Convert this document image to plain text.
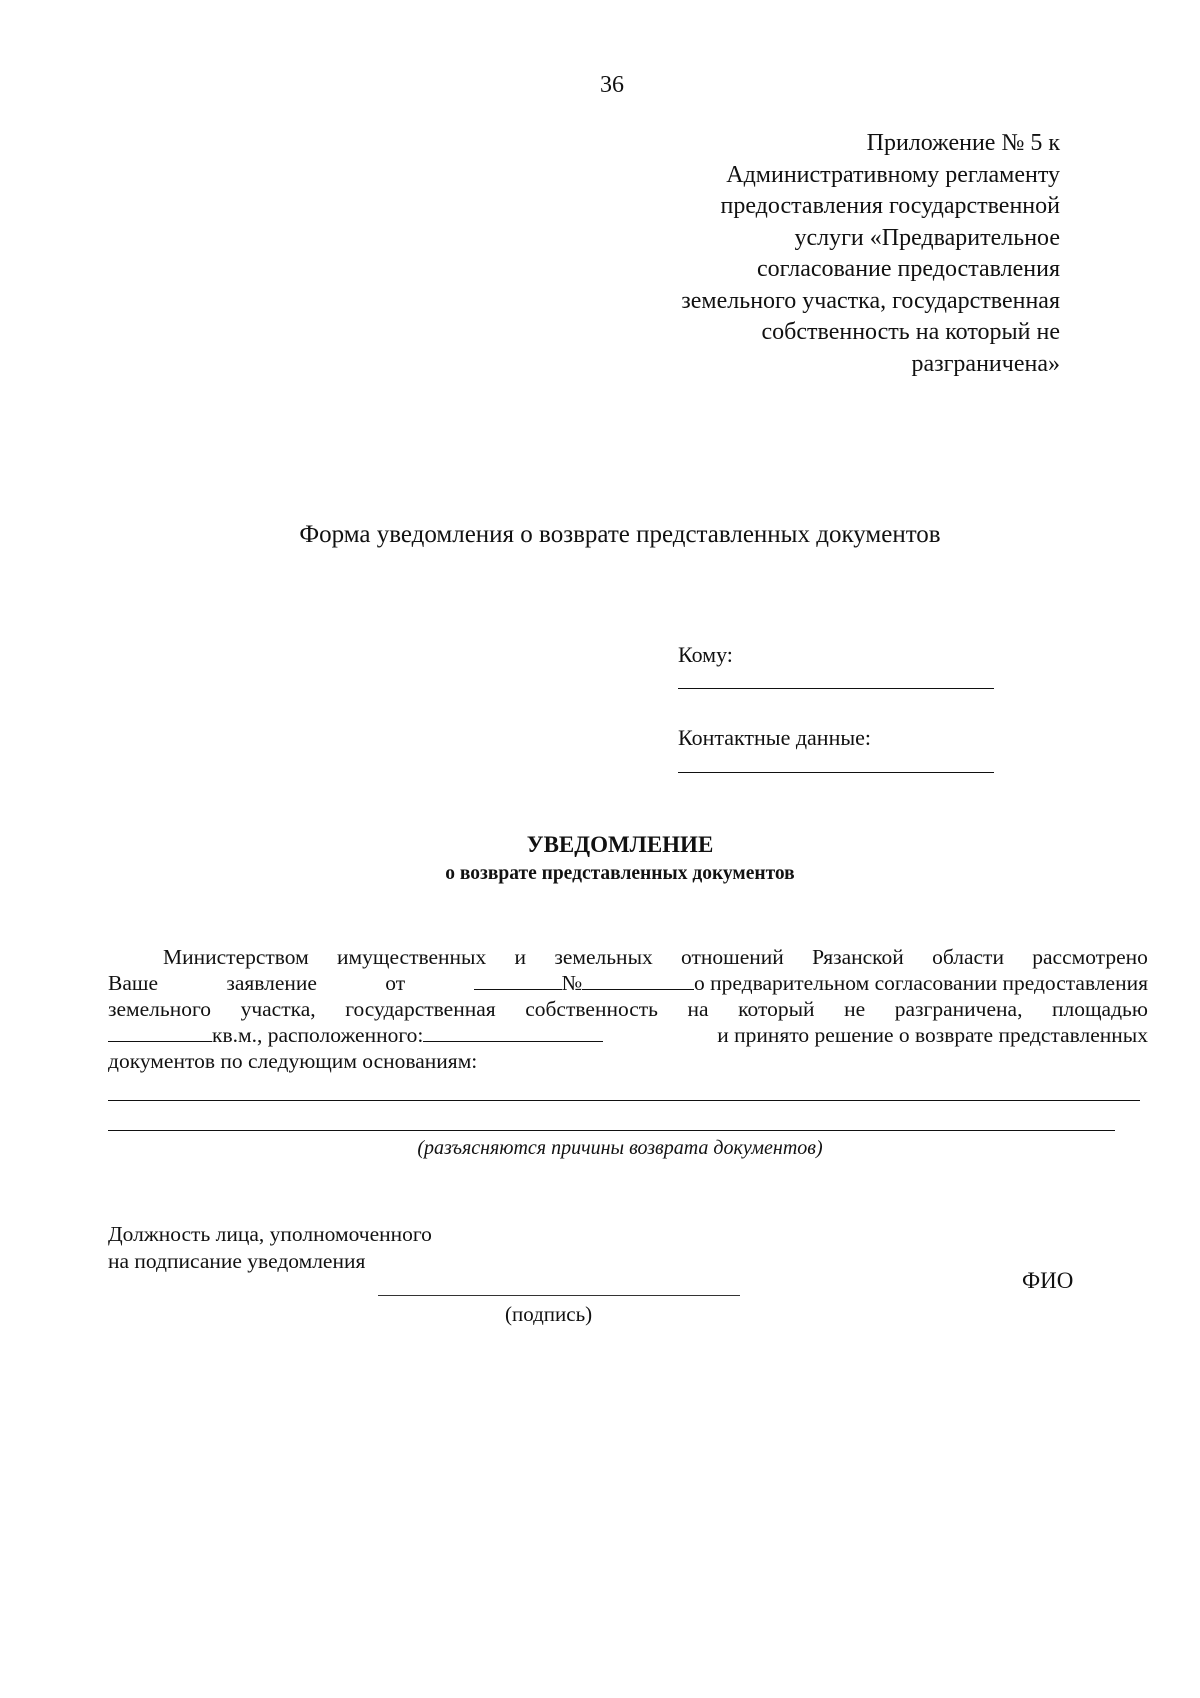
36
Приложение № 5 к
Административному регламенту
предоставления государственной
услуги «Предварительное
согласование предоставления
земельного участка, государственная
собственность на который не
разграничена»
Форма уведомления о возврате представленных документов
Кому:
Контактные данные:
УВЕДОМЛЕНИЕ
о возврате представленных документов
Министерством имущественных и земельных отношений Рязанской области рассмотрено
Ваше	заявление	от	№	о предварительном согласовании предоставления
земельного участка, государственная собственность на который не разграничена, площадью
кв.м., расположенного:	и принято решение о возврате представленных
документов по следующим основаниям:
(разъясняются причины возврата документов)
Должность лица, уполномоченного
на подписание уведомления
ФИО
(подпись)
